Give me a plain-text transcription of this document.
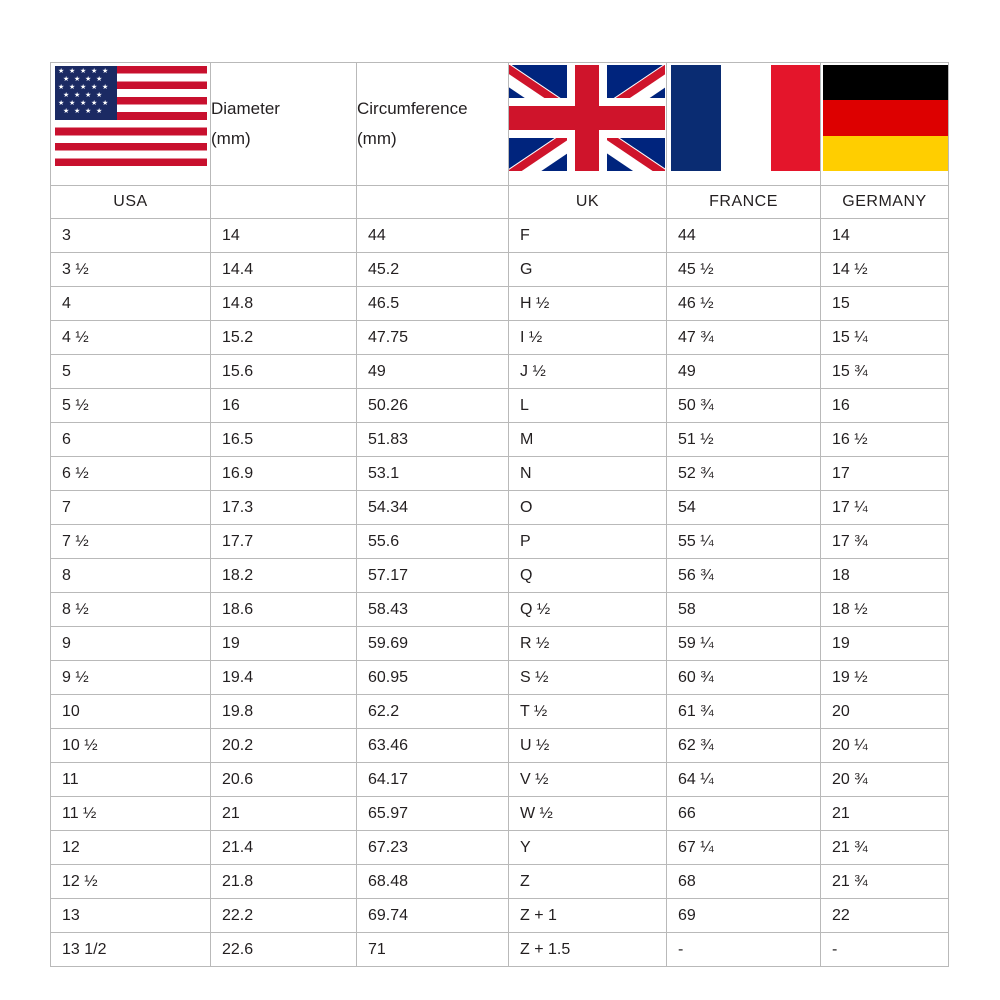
★ ★ ★ ★ ★
★ ★ ★ ★
★ ★ ★ ★ ★
★ ★ ★ ★
★ ★ ★ ★ ★
★ ★ ★ ★	Diameter
(mm)

Circumference
(mm)

USA			UK	FRANCE	GERMANY
3	14	44	F	44	14
3 ½	14.4	45.2	G	45 ½	14 ½
4	14.8	46.5	H ½	46 ½	15
4 ½	15.2	47.75	I ½	47 ¾	15 ¼
5	15.6	49	J ½	49	15 ¾
5 ½	16	50.26	L	50 ¾	16
6	16.5	51.83	M	51 ½	16 ½
6 ½	16.9	53.1	N	52 ¾	17
7	17.3	54.34	O	54	17 ¼
7 ½	17.7	55.6	P	55 ¼	17 ¾
8	18.2	57.17	Q	56 ¾	18
8 ½	18.6	58.43	Q ½	58	18 ½
9	19	59.69	R ½	59 ¼	19
9 ½	19.4	60.95	S ½	60 ¾	19 ½
10	19.8	62.2	T ½	61 ¾	20
10 ½	20.2	63.46	U ½	62 ¾	20 ¼
11	20.6	64.17	V ½	64 ¼	20 ¾
11 ½	21	65.97	W ½	66	21
12	21.4	67.23	Y	67 ¼	21 ¾
12 ½	21.8	68.48	Z	68	21 ¾
13	22.2	69.74	Z + 1	69	22
13 1/2	22.6	71	Z + 1.5	-	-
